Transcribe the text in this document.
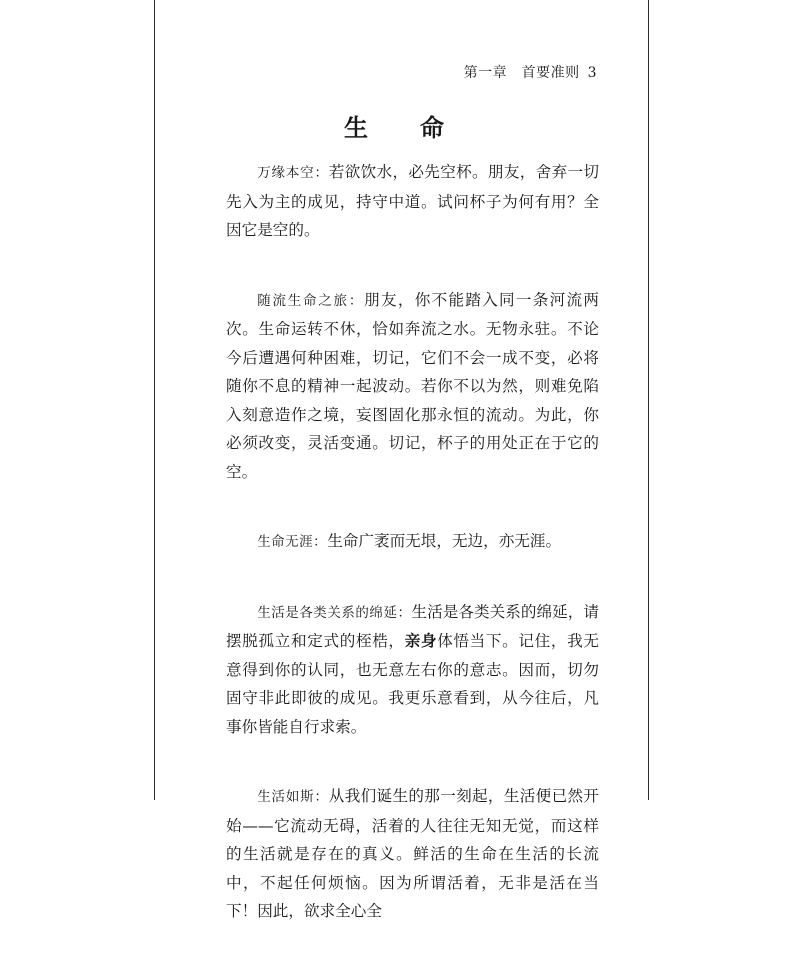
第一章　首要准则 3
生　命

万缘本空：若欲饮水，必先空杯。朋友，舍弃一切先入为主的成见，持守中道。试问杯子为何有用？全因它是空的。

随流生命之旅：朋友，你不能踏入同一条河流两次。生命运转不休，恰如奔流之水。无物永驻。不论今后遭遇何种困难，切记，它们不会一成不变，必将随你不息的精神一起波动。若你不以为然，则难免陷入刻意造作之境，妄图固化那永恒的流动。为此，你必须改变，灵活变通。切记，杯子的用处正在于它的空。

生命无涯：生命广袤而无垠，无边，亦无涯。

生活是各类关系的绵延：生活是各类关系的绵延，请摆脱孤立和定式的桎梏，亲身体悟当下。记住，我无意得到你的认同，也无意左右你的意志。因而，切勿固守非此即彼的成见。我更乐意看到，从今往后，凡事你皆能自行求索。

生活如斯：从我们诞生的那一刻起，生活便已然开始——它流动无碍，活着的人往往无知无觉，而这样的生活就是存在的真义。鲜活的生命在生活的长流中，不起任何烦恼。因为所谓活着，无非是活在当下！因此，欲求全心全
